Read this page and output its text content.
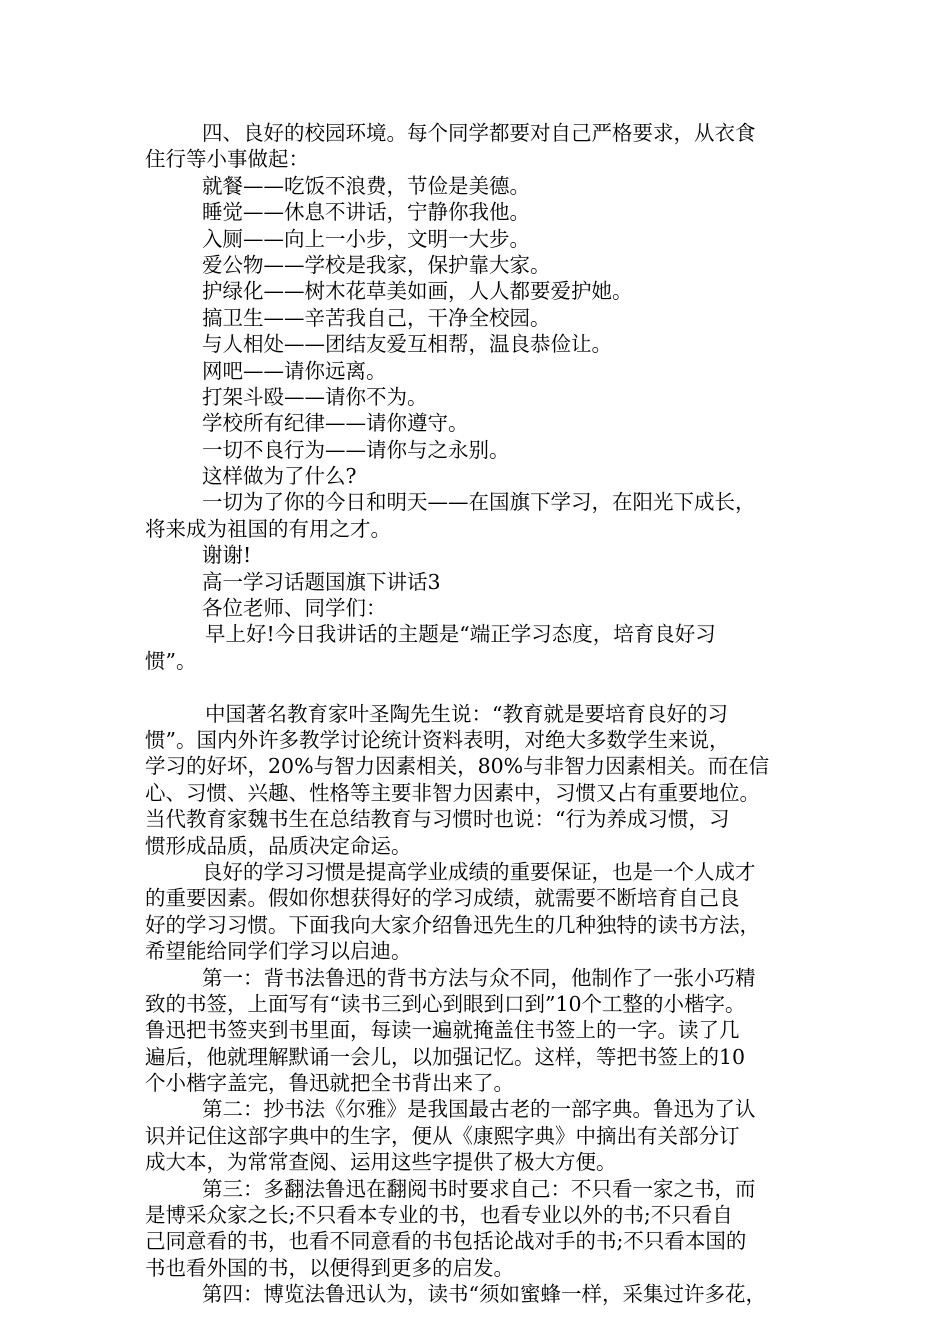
四、良好的校园环境。每个同学都要对自己严格要求，从衣食
住行等小事做起：
就餐——吃饭不浪费，节俭是美德。
睡觉——休息不讲话，宁静你我他。
入厕——向上一小步，文明一大步。
爱公物——学校是我家，保护靠大家。
护绿化——树木花草美如画，人人都要爱护她。
搞卫生——辛苦我自己，干净全校园。
与人相处——团结友爱互相帮，温良恭俭让。
网吧——请你远离。
打架斗殴——请你不为。
学校所有纪律——请你遵守。
一切不良行为——请你与之永别。
这样做为了什么?
一切为了你的今日和明天——在国旗下学习，在阳光下成长，
将来成为祖国的有用之才。
谢谢!
高一学习话题国旗下讲话3
各位老师、同学们：
早上好!今日我讲话的主题是“端正学习态度，培育良好习
惯”。
中国著名教育家叶圣陶先生说：“教育就是要培育良好的习
惯”。国内外许多教学讨论统计资料表明，对绝大多数学生来说，
学习的好坏，20%与智力因素相关，80%与非智力因素相关。而在信
心、习惯、兴趣、性格等主要非智力因素中，习惯又占有重要地位。
当代教育家魏书生在总结教育与习惯时也说：“行为养成习惯，习
惯形成品质，品质决定命运。
良好的学习习惯是提高学业成绩的重要保证，也是一个人成才
的重要因素。假如你想获得好的学习成绩，就需要不断培育自己良
好的学习习惯。下面我向大家介绍鲁迅先生的几种独特的读书方法，
希望能给同学们学习以启迪。
第一：背书法鲁迅的背书方法与众不同，他制作了一张小巧精
致的书签，上面写有“读书三到心到眼到口到”10个工整的小楷字。
鲁迅把书签夹到书里面，每读一遍就掩盖住书签上的一字。读了几
遍后，他就理解默诵一会儿，以加强记忆。这样，等把书签上的10
个小楷字盖完，鲁迅就把全书背出来了。
第二：抄书法《尔雅》是我国最古老的一部字典。鲁迅为了认
识并记住这部字典中的生字，便从《康熙字典》中摘出有关部分订
成大本，为常常查阅、运用这些字提供了极大方便。
第三：多翻法鲁迅在翻阅书时要求自己：不只看一家之书，而
是博采众家之长;不只看本专业的书，也看专业以外的书;不只看自
己同意看的书，也看不同意看的书包括论战对手的书;不只看本国的
书也看外国的书，以便得到更多的启发。
第四：博览法鲁迅认为，读书“须如蜜蜂一样，采集过许多花，
